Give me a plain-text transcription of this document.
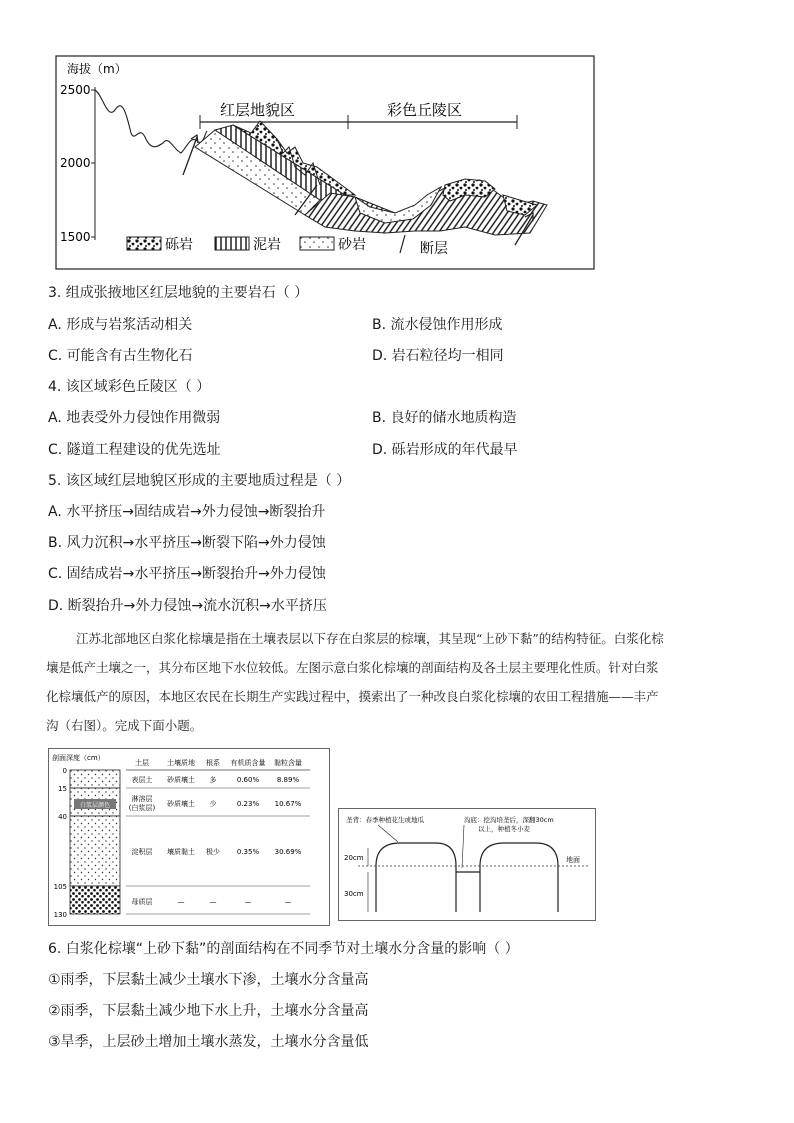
海拔（m）
2500
2000
1500
红层地貌区	彩色丘陵区
砾岩	泥岩	砂岩	断层
3. 组成张掖地区红层地貌的主要岩石（ ）
A. 形成与岩浆活动相关	B. 流水侵蚀作用形成
C. 可能含有古生物化石	D. 岩石粒径均一相同
4. 该区域彩色丘陵区（ ）
A. 地表受外力侵蚀作用微弱	B. 良好的储水地质构造
C. 隧道工程建设的优先选址	D. 砾岩形成的年代最早
5. 该区域红层地貌区形成的主要地质过程是（ ）
A. 水平挤压→固结成岩→外力侵蚀→断裂抬升
B. 风力沉积→水平挤压→断裂下陷→外力侵蚀
C. 固结成岩→水平挤压→断裂抬升→外力侵蚀
D. 断裂抬升→外力侵蚀→流水沉积→水平挤压
江苏北部地区白浆化棕壤是指在土壤表层以下存在白浆层的棕壤，其呈现“上砂下黏”的结构特征。白浆化棕
壤是低产土壤之一，其分布区地下水位较低。左图示意白浆化棕壤的剖面结构及各土层主要理化性质。针对白浆
化棕壤低产的原因，本地区农民在长期生产实践过程中，摸索出了一种改良白浆化棕壤的农田工程措施——丰产
沟（右图）。完成下面小题。
剖面深度（cm）
0
15
40
105
130
白浆层颜色
土层	土壤质地 根系 有机质含量 黏粒含量
表层土 砂质壤土 多	0.60%	8.89%
淋溶层
(白浆层) 砂质壤土 少	0.23% 10.67%
淀积层 壤质黏土 极少 0.35% 30.69%
母质层	—	—	—	—
垄背：春季种植花生或地瓜	沟底：挖沟培垄后，深翻30cm
以上，种植冬小麦
地面
20cm
30cm
6. 白浆化棕壤“上砂下黏”的剖面结构在不同季节对土壤水分含量的影响（ ）
①雨季，下层黏土减少土壤水下渗，土壤水分含量高
②雨季，下层黏土减少地下水上升，土壤水分含量高
③旱季，上层砂土增加土壤水蒸发，土壤水分含量低
